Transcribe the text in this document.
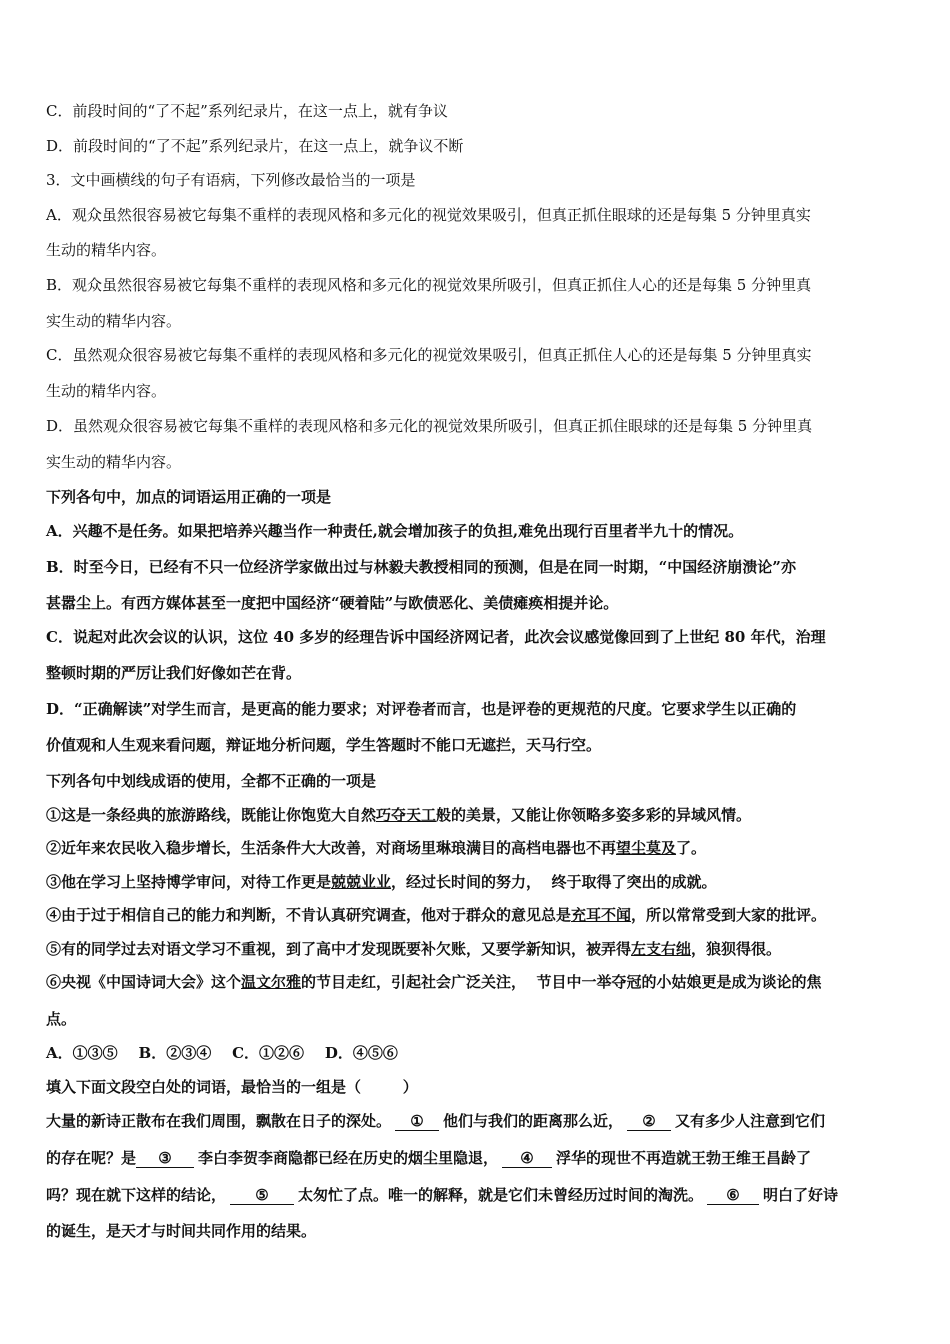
C．前段时间的“了不起”系列纪录片，在这一点上，就有争议

D．前段时间的“了不起”系列纪录片，在这一点上，就争议不断

3．文中画横线的句子有语病，下列修改最恰当的一项是

A．观众虽然很容易被它每集不重样的表现风格和多元化的视觉效果吸引，但真正抓住眼球的还是每集 5 分钟里真实

生动的精华内容。

B．观众虽然很容易被它每集不重样的表现风格和多元化的视觉效果所吸引，但真正抓住人心的还是每集 5 分钟里真

实生动的精华内容。

C．虽然观众很容易被它每集不重样的表现风格和多元化的视觉效果吸引，但真正抓住人心的还是每集 5 分钟里真实

生动的精华内容。

D．虽然观众很容易被它每集不重样的表现风格和多元化的视觉效果所吸引，但真正抓住眼球的还是每集 5 分钟里真

实生动的精华内容。

下列各句中，加点的词语运用正确的一项是

A．兴趣不是任务。如果把培养兴趣当作一种责任,就会增加孩子的负担,难免出现行百里者半九十的情况。

B．时至今日，已经有不只一位经济学家做出过与林毅夫教授相同的预测，但是在同一时期，“中国经济崩溃论”亦

甚嚣尘上。有西方媒体甚至一度把中国经济“硬着陆”与欧债恶化、美债瘫痪相提并论。

C．说起对此次会议的认识，这位 40 多岁的经理告诉中国经济网记者，此次会议感觉像回到了上世纪 80 年代，治理

整顿时期的严厉让我们好像如芒在背。

D．“正确解读”对学生而言，是更高的能力要求；对评卷者而言，也是评卷的更规范的尺度。它要求学生以正确的

价值观和人生观来看问题，辩证地分析问题，学生答题时不能口无遮拦，天马行空。

下列各句中划线成语的使用，全都不正确的一项是

①这是一条经典的旅游路线，既能让你饱览大自然巧夺天工般的美景，又能让你领略多姿多彩的异域风情。

②近年来农民收入稳步增长，生活条件大大改善，对商场里琳琅满目的高档电器也不再望尘莫及了。

③他在学习上坚持博学审问，对待工作更是兢兢业业，经过长时间的努力，  终于取得了突出的成就。

④由于过于相信自己的能力和判断，不肯认真研究调查，他对于群众的意见总是充耳不闻，所以常常受到大家的批评。

⑤有的同学过去对语文学习不重视，到了高中才发现既要补欠账，又要学新知识，被弄得左支右绌，狼狈得很。

⑥央视《中国诗词大会》这个温文尔雅的节目走红，引起社会广泛关注，  节目中一举夺冠的小姑娘更是成为谈论的焦

点。

A．①③⑤    B．②③④    C．①②⑥    D．④⑤⑥

填入下面文段空白处的词语，最恰当的一组是（        ）

大量的新诗正散布在我们周围，飘散在日子的深处。 ① 他们与我们的距离那么近， ② 又有多少人注意到它们

的存在呢？是 ③ 李白李贺李商隐都已经在历史的烟尘里隐退， ④ 浮华的现世不再造就王勃王维王昌龄了

吗？现在就下这样的结论， ⑤ 太匆忙了点。唯一的解释，就是它们未曾经历过时间的淘洗。 ⑥ 明白了好诗

的诞生，是天才与时间共同作用的结果。
